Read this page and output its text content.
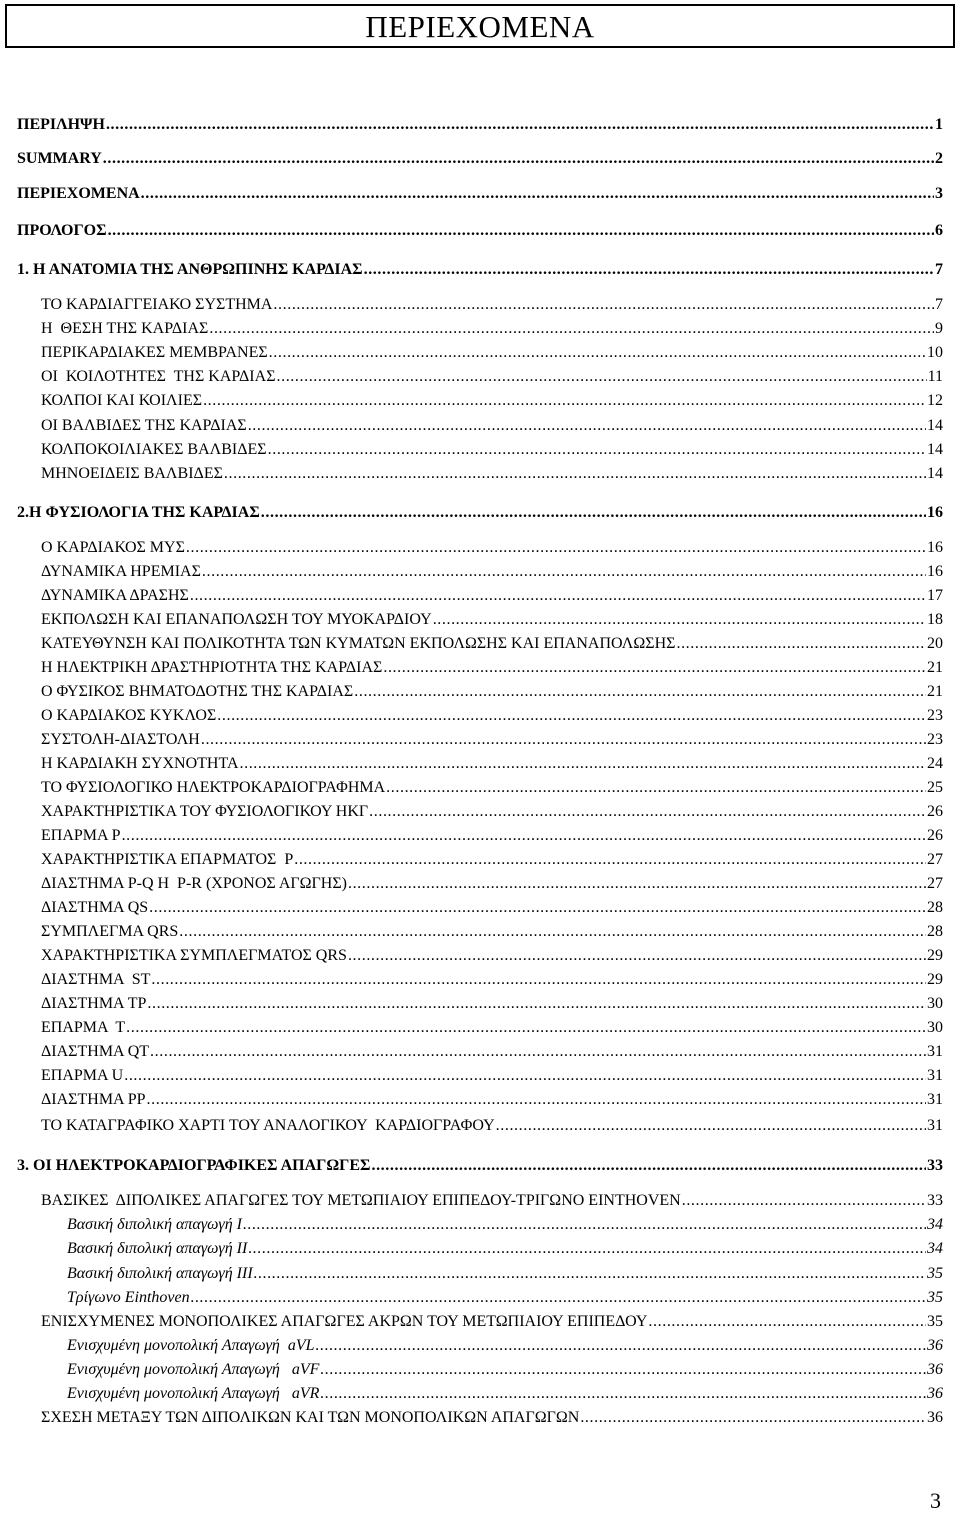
ΠΕΡΙΕΧΟΜΕΝΑ
ΠΕΡΙΛΗΨΗ .....	1
SUMMARY .....	2
ΠΕΡΙΕΧΟΜΕΝΑ .....	3
ΠΡΟΛΟΓΟΣ .....	6
1. Η ΑΝΑΤΟΜΙΑ ΤΗΣ ΑΝΘΡΩΠΙΝΗΣ ΚΑΡΔΙΑΣ .....	7
ΤΟ ΚΑΡΔΙΑΓΓΕΙΑΚΟ ΣΥΣΤΗΜΑ .....	7
Η  ΘΕΣΗ ΤΗΣ ΚΑΡΔΙΑΣ .....	9
ΠΕΡΙΚΑΡΔΙΑΚΕΣ ΜΕΜΒΡΑΝΕΣ .....	10
ΟΙ  ΚΟΙΛΟΤΗΤΕΣ  ΤΗΣ ΚΑΡΔΙΑΣ .....	11
ΚΟΛΠΟΙ ΚΑΙ ΚΟΙΛΙΕΣ .....	12
ΟΙ ΒΑΛΒΙΔΕΣ ΤΗΣ ΚΑΡΔΙΑΣ .....	14
ΚΟΛΠΟΚΟΙΛΙΑΚΕΣ ΒΑΛΒΙΔΕΣ .....	14
ΜΗΝΟΕΙΔΕΙΣ ΒΑΛΒΙΔΕΣ .....	14
2.Η ΦΥΣΙΟΛΟΓΙΑ ΤΗΣ ΚΑΡΔΙΑΣ .....	16
Ο ΚΑΡΔΙΑΚΟΣ ΜΥΣ .....	16
ΔΥΝΑΜΙΚΑ ΗΡΕΜΙΑΣ .....	16
ΔΥΝΑΜΙΚΑ ΔΡΑΣΗΣ .....	17
ΕΚΠΟΛΩΣΗ ΚΑΙ ΕΠΑΝΑΠΟΛΩΣΗ ΤΟΥ ΜΥΟΚΑΡΔΙΟΥ .....	18
ΚΑΤΕΥΘΥΝΣΗ ΚΑΙ ΠΟΛΙΚΟΤΗΤΑ ΤΩΝ ΚΥΜΑΤΩΝ ΕΚΠΟΛΩΣΗΣ ΚΑΙ ΕΠΑΝΑΠΟΛΩΣΗΣ .....	20
Η ΗΛΕΚΤΡΙΚΗ ΔΡΑΣΤΗΡΙΟΤΗΤΑ ΤΗΣ ΚΑΡΔΙΑΣ .....	21
Ο ΦΥΣΙΚΟΣ ΒΗΜΑΤΟΔΟΤΗΣ ΤΗΣ ΚΑΡΔΙΑΣ .....	21
Ο ΚΑΡΔΙΑΚΟΣ ΚΥΚΛΟΣ .....	23
ΣΥΣΤΟΛΗ-ΔΙΑΣΤΟΛΗ .....	23
Η ΚΑΡΔΙΑΚΗ ΣΥΧΝΟΤΗΤΑ .....	24
ΤΟ ΦΥΣΙΟΛΟΓΙΚΟ ΗΛΕΚΤΡΟΚΑΡΔΙΟΓΡΑΦΗΜΑ .....	25
ΧΑΡΑΚΤΗΡΙΣΤΙΚΑ ΤΟΥ ΦΥΣΙΟΛΟΓΙΚΟΥ ΗΚΓ .....	26
ΕΠΑΡΜΑ P .....	26
ΧΑΡΑΚΤΗΡΙΣΤΙΚΑ ΕΠΑΡΜΑΤΟΣ  P .....	27
ΔΙΑΣΤΗΜΑ P-Q Η  P-R (ΧΡΟΝΟΣ ΑΓΩΓΗΣ) .....	27
ΔΙΑΣΤΗΜΑ QS .....	28
ΣΥΜΠΛΕΓΜΑ QRS .....	28
ΧΑΡΑΚΤΗΡΙΣΤΙΚΑ ΣΥΜΠΛΕΓΜΑΤΟΣ QRS .....	29
ΔΙΑΣΤΗΜΑ  ST .....	29
ΔΙΑΣΤΗΜΑ TP .....	30
ΕΠΑΡΜΑ  Τ .....	30
ΔΙΑΣΤΗΜΑ QT .....	31
ΕΠΑΡΜΑ U .....	31
ΔΙΑΣΤΗΜΑ PP .....	31
ΤΟ ΚΑΤΑΓΡΑΦΙΚΟ ΧΑΡΤΙ ΤΟΥ ΑΝΑΛΟΓΙΚΟΥ  ΚΑΡΔΙΟΓΡΑΦΟΥ .....	31
3. ΟΙ ΗΛΕΚΤΡΟΚΑΡΔΙΟΓΡΑΦΙΚΕΣ ΑΠΑΓΩΓΕΣ .....	33
ΒΑΣΙΚΕΣ  ΔΙΠΟΛΙΚΕΣ ΑΠΑΓΩΓΕΣ ΤΟΥ ΜΕΤΩΠΙΑΙΟΥ ΕΠΙΠΕΔΟΥ-ΤΡΙΓΩΝΟ EINTHOVEN .....	33
Βασική διπολική απαγωγή Ι .....	34
Βασική διπολική απαγωγή ΙΙ .....	34
Βασική διπολική απαγωγή ΙΙΙ .....	35
Τρίγωνο Einthoven .....	35
ΕΝΙΣΧΥΜΕΝΕΣ ΜΟΝΟΠΟΛΙΚΕΣ ΑΠΑΓΩΓΕΣ ΑΚΡΩΝ ΤΟΥ ΜΕΤΩΠΙΑΙΟΥ ΕΠΙΠΕΔΟΥ .....	35
Ενισχυμένη μονοπολική Απαγωγή  aVL .....	36
Ενισχυμένη μονοπολική Απαγωγή   aVF .....	36
Ενισχυμένη μονοπολική Απαγωγή   aVR .....	36
ΣΧΕΣΗ ΜΕΤΑΞΥ ΤΩΝ ΔΙΠΟΛΙΚΩΝ ΚΑΙ ΤΩΝ ΜΟΝΟΠΟΛΙΚΩΝ ΑΠΑΓΩΓΩΝ .....	36
3
